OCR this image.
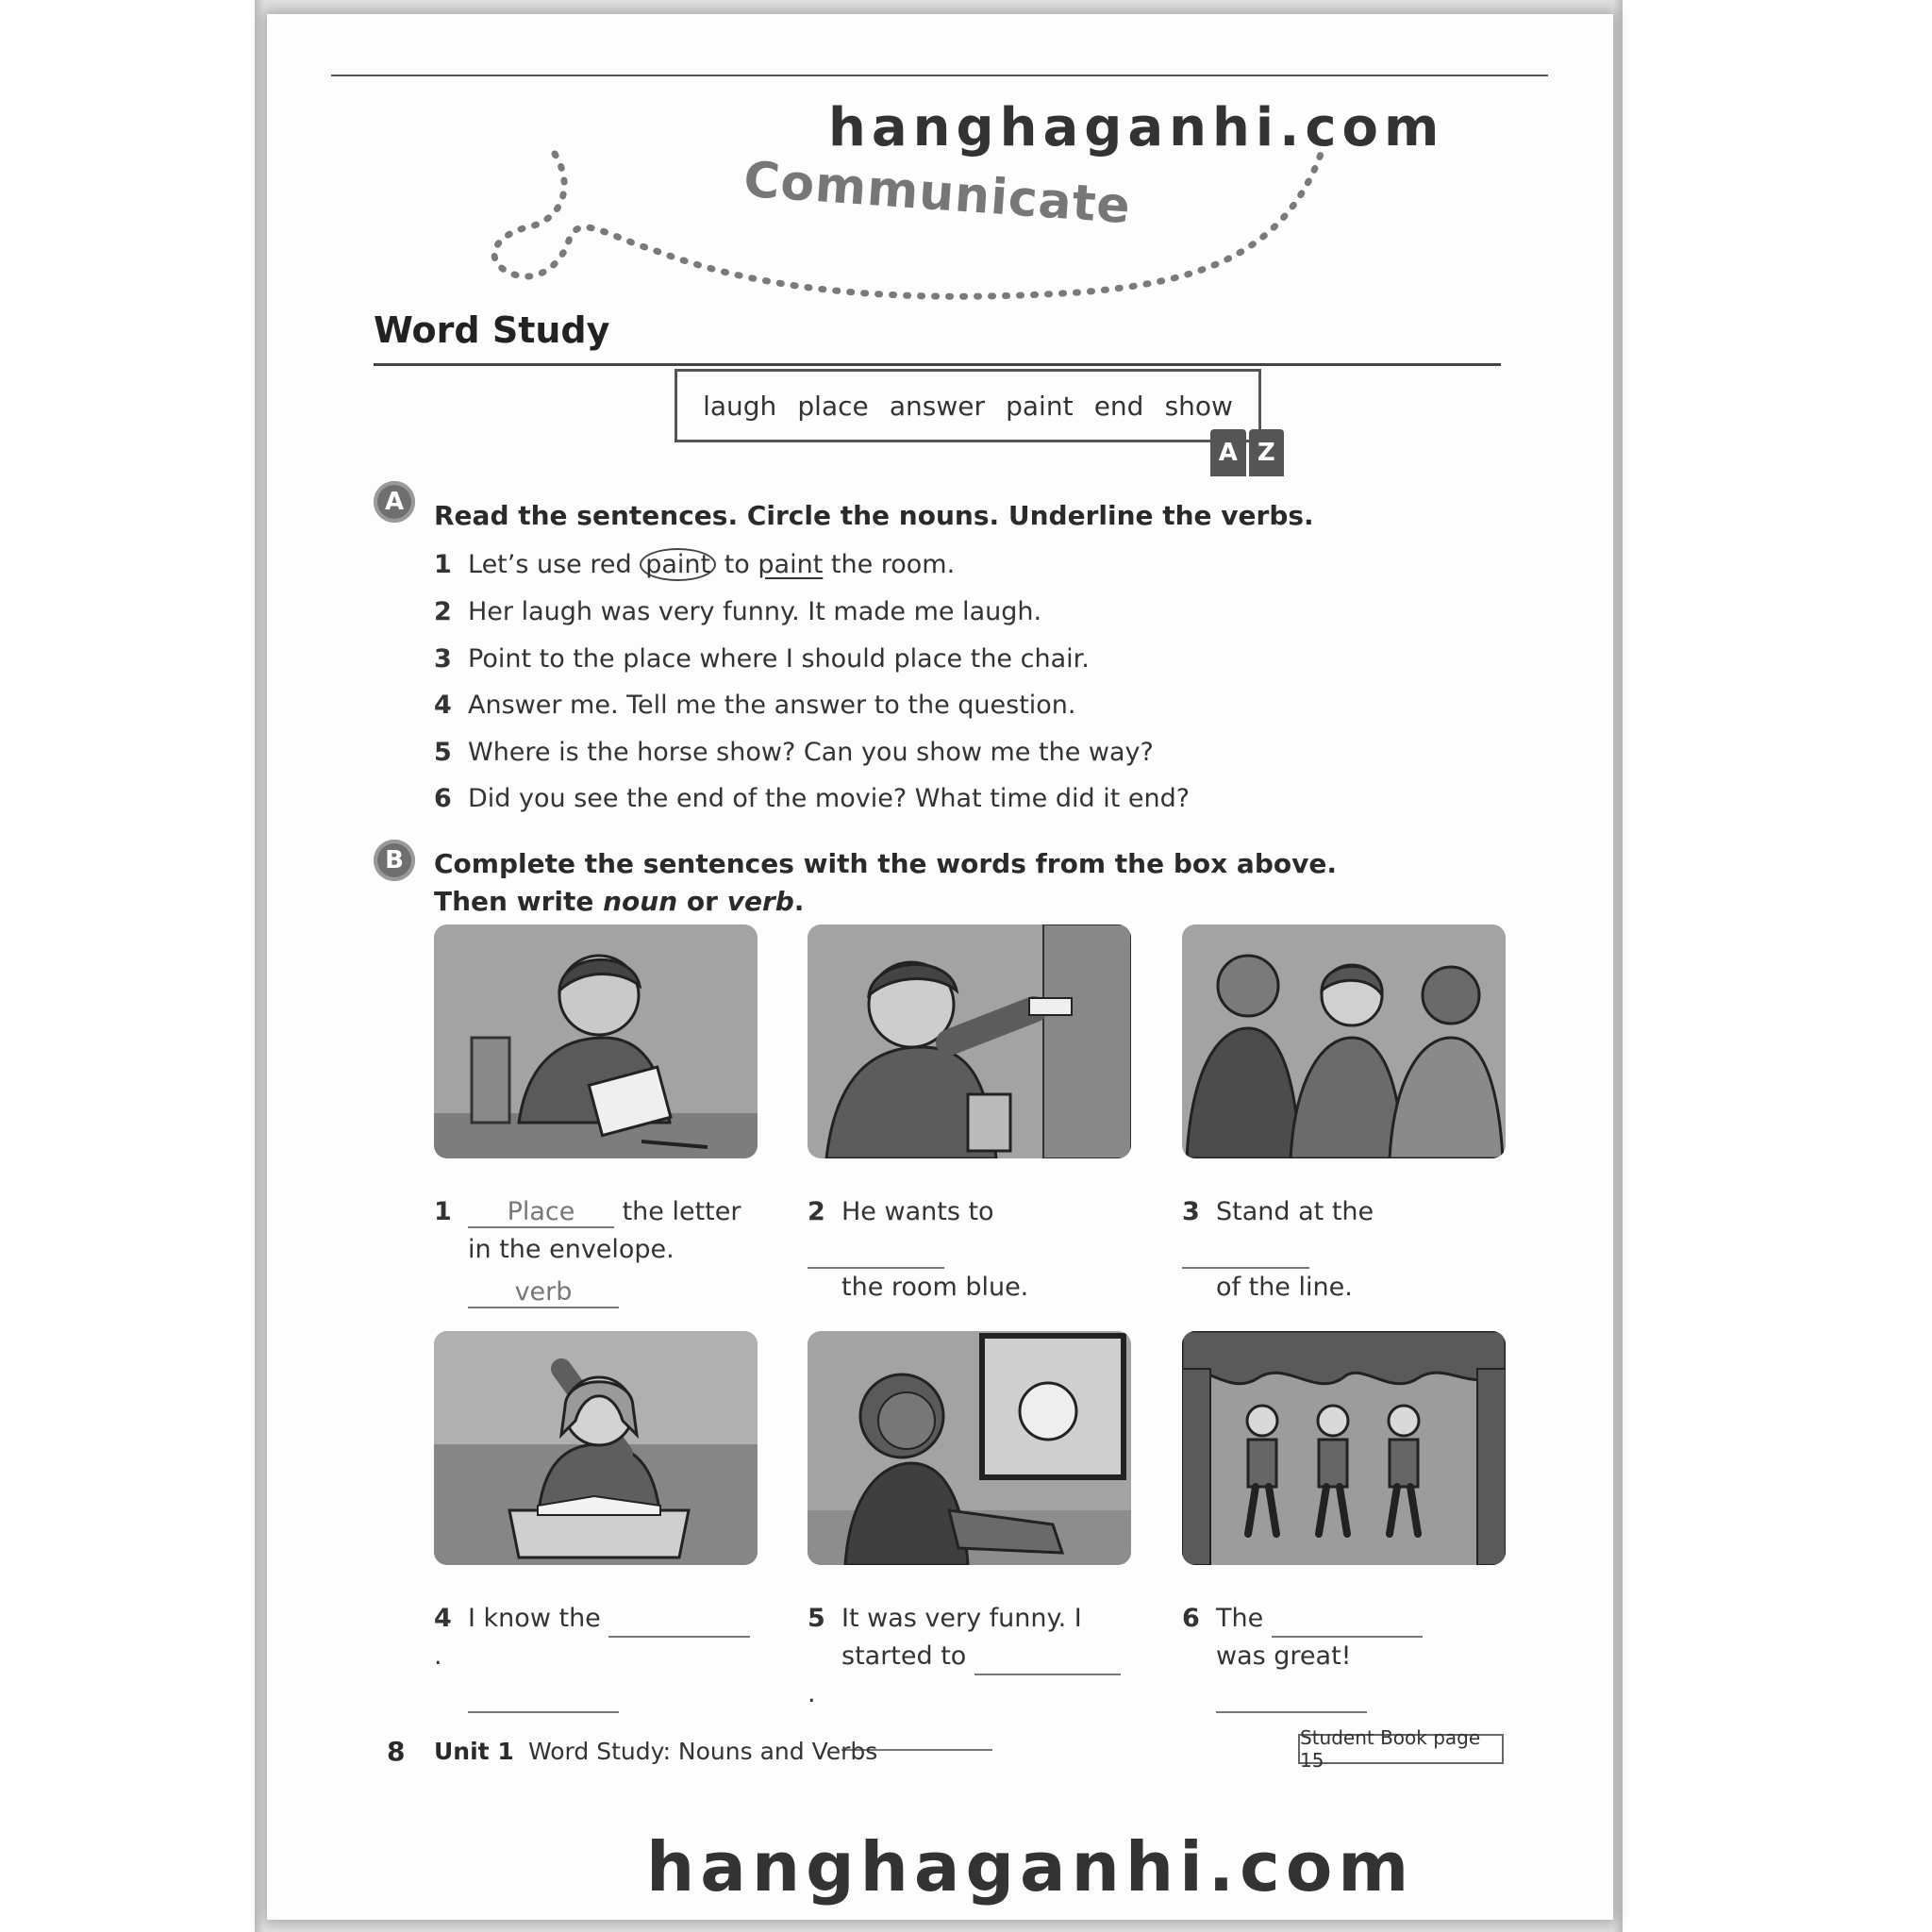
hanghaganhi.com
Communicate
Word Study
laugh place answer paint end show
A Z
A	Read the sentences. Circle the nouns. Underline the verbs.
1 Let’s use red paint to paint the room.
2 Her laugh was very funny. It made me laugh.
3 Point to the place where I should place the chair.
4 Answer me. Tell me the answer to the question.
5 Where is the horse show? Can you show me the way?
6 Did you see the end of the movie? What time did it end?
B	Complete the sentences with the words from the box above.
Then write noun or verb.
1 Place the letter
in the envelope.
verb
2 He wants to
the room blue.

3 Stand at the
of the line.

4 I know the .

5 It was very funny. I
started to .

6 The
was great!

8 Unit 1 Word Study: Nouns and Verbs	Student Book page 15
hanghaganhi.com
